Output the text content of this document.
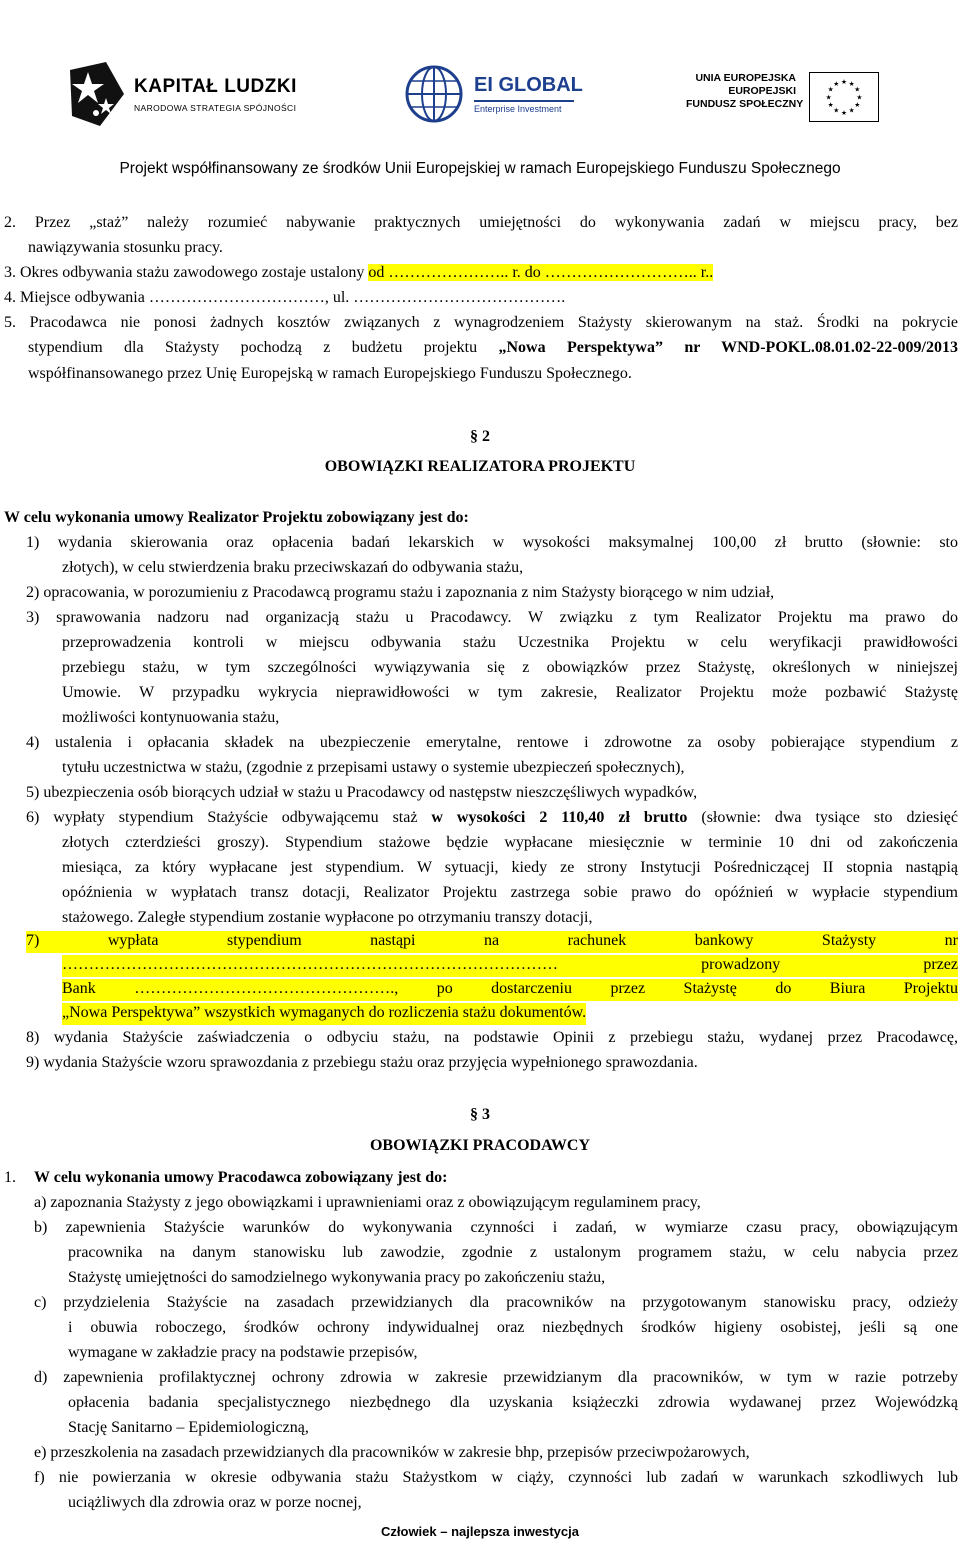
KAPITAŁ LUDZKI
NARODOWA STRATEGIA SPÓJNOŚCI
EI GLOBAL
Enterprise Investment
UNIA EUROPEJSKA
EUROPEJSKI
FUNDUSZ SPOŁECZNY
★
★
★
★
★
★
★
★
★ ★ ★
★
Projekt współfinansowany ze środków Unii Europejskiej w ramach Europejskiego Funduszu Społecznego
2. Przez „staż” należy rozumieć nabywanie praktycznych umiejętności do wykonywania zadań w miejscu pracy, bez
nawiązywania stosunku pracy.
3. Okres odbywania stażu zawodowego zostaje ustalony od ………………….. r. do ……………………….. r..
4. Miejsce odbywania ……………………………, ul. ………………………………….
5. Pracodawca nie ponosi żadnych kosztów związanych z wynagrodzeniem Stażysty skierowanym na staż. Środki na pokrycie
stypendium dla Stażysty pochodzą z budżetu projektu „Nowa Perspektywa” nr WND-POKL.08.01.02-22-009/2013
współfinansowanego przez Unię Europejską w ramach Europejskiego Funduszu Społecznego.
§ 2
OBOWIĄZKI REALIZATORA PROJEKTU
W celu wykonania umowy Realizator Projektu zobowiązany jest do:
1) wydania skierowania oraz opłacenia badań lekarskich w wysokości maksymalnej 100,00 zł brutto (słownie: sto
złotych), w celu stwierdzenia braku przeciwskazań do odbywania stażu,
2) opracowania, w porozumieniu z Pracodawcą programu stażu i zapoznania z nim Stażysty biorącego w nim udział,
3) sprawowania nadzoru nad organizacją stażu u Pracodawcy. W związku z tym Realizator Projektu ma prawo do
przeprowadzenia kontroli w miejscu odbywania stażu Uczestnika Projektu w celu weryfikacji prawidłowości
przebiegu stażu, w tym szczególności wywiązywania się z obowiązków przez Stażystę, określonych w niniejszej
Umowie. W przypadku wykrycia nieprawidłowości w tym zakresie, Realizator Projektu może pozbawić Stażystę
możliwości kontynuowania stażu,
4) ustalenia i opłacania składek na ubezpieczenie emerytalne, rentowe i zdrowotne za osoby pobierające stypendium z
tytułu uczestnictwa w stażu, (zgodnie z przepisami ustawy o systemie ubezpieczeń społecznych),
5) ubezpieczenia osób biorących udział w stażu u Pracodawcy od następstw nieszczęśliwych wypadków,
6) wypłaty stypendium Stażyście odbywającemu staż w wysokości 2 110,40 zł brutto (słownie: dwa tysiące sto dziesięć
złotych czterdzieści groszy). Stypendium stażowe będzie wypłacane miesięcznie w terminie 10 dni od zakończenia
miesiąca, za który wypłacane jest stypendium. W sytuacji, kiedy ze strony Instytucji Pośredniczącej II stopnia nastąpią
opóźnienia w wypłatach transz dotacji, Realizator Projektu zastrzega sobie prawo do opóźnień w wypłacie stypendium
stażowego. Zaległe stypendium zostanie wypłacone po otrzymaniu transzy dotacji,
7) wypłata stypendium nastąpi na rachunek bankowy Stażysty nr
………………………………………………………………………………… prowadzony przez
Bank …………………………………………., po dostarczeniu przez Stażystę do Biura Projektu
„Nowa Perspektywa” wszystkich wymaganych do rozliczenia stażu dokumentów.
8) wydania Stażyście zaświadczenia o odbyciu stażu, na podstawie Opinii z przebiegu stażu, wydanej przez Pracodawcę,
9) wydania Stażyście wzoru sprawozdania z przebiegu stażu oraz przyjęcia wypełnionego sprawozdania.
§ 3
OBOWIĄZKI PRACODAWCY
1. W celu wykonania umowy Pracodawca zobowiązany jest do:
a) zapoznania Stażysty z jego obowiązkami i uprawnieniami oraz z obowiązującym regulaminem pracy,
b) zapewnienia Stażyście warunków do wykonywania czynności i zadań, w wymiarze czasu pracy, obowiązującym
pracownika na danym stanowisku lub zawodzie, zgodnie z ustalonym programem stażu, w celu nabycia przez
Stażystę umiejętności do samodzielnego wykonywania pracy po zakończeniu stażu,
c) przydzielenia Stażyście na zasadach przewidzianych dla pracowników na przygotowanym stanowisku pracy, odzieży
i obuwia roboczego, środków ochrony indywidualnej oraz niezbędnych środków higieny osobistej, jeśli są one
wymagane w zakładzie pracy na podstawie przepisów,
d) zapewnienia profilaktycznej ochrony zdrowia w zakresie przewidzianym dla pracowników, w tym w razie potrzeby
opłacenia badania specjalistycznego niezbędnego dla uzyskania książeczki zdrowia wydawanej przez Wojewódzką
Stację Sanitarno – Epidemiologiczną,
e) przeszkolenia na zasadach przewidzianych dla pracowników w zakresie bhp, przepisów przeciwpożarowych,
f) nie powierzania w okresie odbywania stażu Stażystkom w ciąży, czynności lub zadań w warunkach szkodliwych lub
uciążliwych dla zdrowia oraz w porze nocnej,
Człowiek – najlepsza inwestycja
